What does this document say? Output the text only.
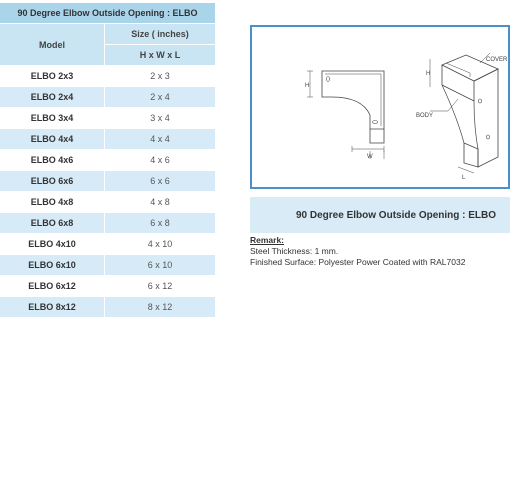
90 Degree Elbow Outside Opening : ELBO	
Model	Size ( inches)
	H x W x L
ELBO 2x3	2 x 3
ELBO 2x4	2 x 4
ELBO 3x4	3 x 4
ELBO 4x4	4 x 4
ELBO 4x6	4 x 6
ELBO 6x6	6 x 6
ELBO 4x8	4 x 8
ELBO 6x8	6 x 8
ELBO 4x10	4 x 10
ELBO 6x10	6 x 10
ELBO 6x12	6 x 12
ELBO 8x12	8 x 12
H
W
BODY
COVER
H
L
90 Degree Elbow Outside Opening : ELBO
Remark:
Steel Thickness: 1 mm.
Finished Surface: Polyester Power Coated with RAL7032
